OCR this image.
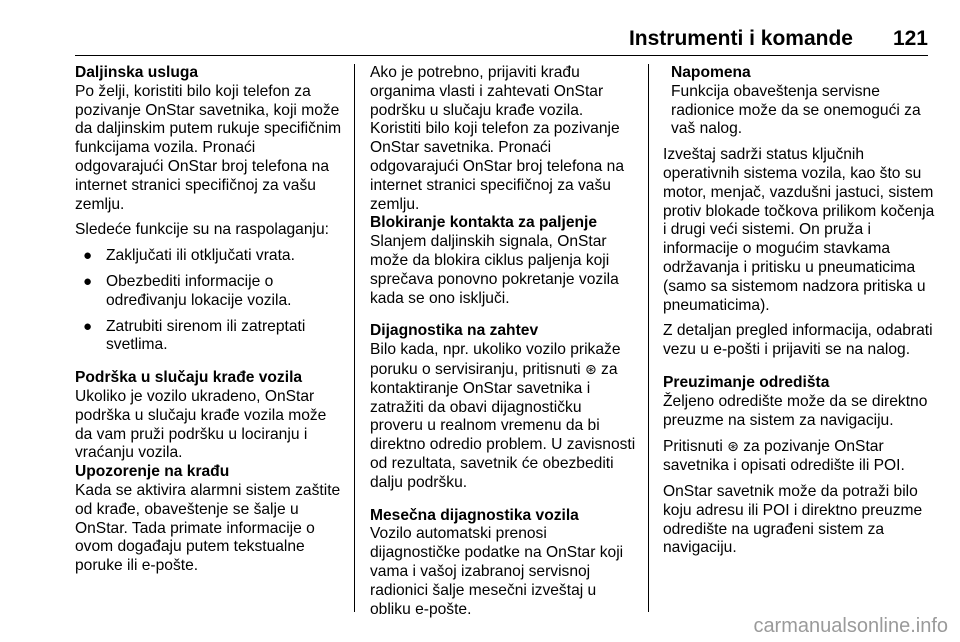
Instrumenti i komande 121
Daljinska usluga

Po želji, koristiti bilo koji telefon za pozivanje OnStar savetnika, koji može da daljinskim putem rukuje specifičnim funkcijama vozila. Pronaći odgovarajući OnStar broj telefona na internet stranici specifičnoj za vašu zemlju.

Sledeće funkcije su na raspolaganju:

● Zaključati ili otključati vrata.
● Obezbediti informacije o određivanju lokacije vozila.
● Zatrubiti sirenom ili zatreptati svetlima.
Podrška u slučaju krađe vozila

Ukoliko je vozilo ukradeno, OnStar podrška u slučaju krađe vozila može da vam pruži podršku u lociranju i vraćanju vozila.

Upozorenje na krađu

Kada se aktivira alarmni sistem zaštite od krađe, obaveštenje se šalje u OnStar. Tada primate informacije o ovom događaju putem tekstualne poruke ili e-pošte.

Ako je potrebno, prijaviti krađu organima vlasti i zahtevati OnStar podršku u slučaju krađe vozila. Koristiti bilo koji telefon za pozivanje OnStar savetnika. Pronaći odgovarajući OnStar broj telefona na internet stranici specifičnoj za vašu zemlju.

Blokiranje kontakta za paljenje

Slanjem daljinskih signala, OnStar može da blokira ciklus paljenja koji sprečava ponovno pokretanje vozila kada se ono isključi.

Dijagnostika na zahtev

Bilo kada, npr. ukoliko vozilo prikaže poruku o servisiranju, pritisnuti ⊛ za kontaktiranje OnStar savetnika i zatražiti da obavi dijagnostičku proveru u realnom vremenu da bi direktno odredio problem. U zavisnosti od rezultata, savetnik će obezbediti dalju podršku.

Mesečna dijagnostika vozila

Vozilo automatski prenosi dijagnostičke podatke na OnStar koji vama i vašoj izabranoj servisnoj radionici šalje mesečni izveštaj u obliku e-pošte.

Napomena

Funkcija obaveštenja servisne radionice može da se onemogući za vaš nalog.

Izveštaj sadrži status ključnih operativnih sistema vozila, kao što su motor, menjač, vazdušni jastuci, sistem protiv blokade točkova prilikom kočenja i drugi veći sistemi. On pruža i informacije o mogućim stavkama održavanja i pritisku u pneumaticima (samo sa sistemom nadzora pritiska u pneumaticima).

Z detaljan pregled informacija, odabrati vezu u e-pošti i prijaviti se na nalog.

Preuzimanje odredišta

Željeno odredište može da se direktno preuzme na sistem za navigaciju.

Pritisnuti ⊛ za pozivanje OnStar savetnika i opisati odredište ili POI.

OnStar savetnik može da potraži bilo koju adresu ili POI i direktno preuzme odredište na ugrađeni sistem za navigaciju.

carmanualsonline.info
